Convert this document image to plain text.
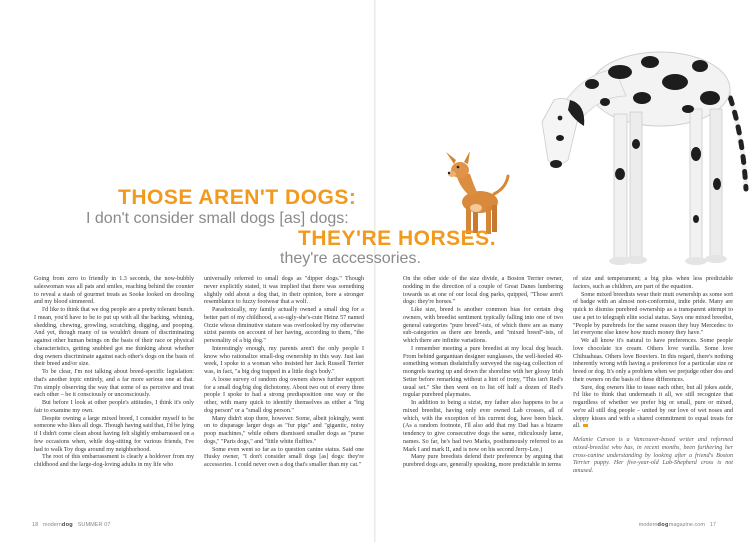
THOSE AREN'T DOGS:
I don't consider small dogs [as] dogs:
THEY'RE HORSES.
they're accessories.

Going from zero to friendly in 1.3 seconds, the now-bubbly saleswoman was all pats and smiles, reaching behind the counter to reveal a stash of gourmet treats as Sooke looked on drooling and my blood simmered.

I'd like to think that we dog people are a pretty tolerant bunch. I mean, you'd have to be to put up with all the barking, whining, shedding, chewing, growling, scratching, digging, and pooping. And yet, though many of us wouldn't dream of discriminating against other human beings on the basis of their race or physical characteristics, getting snubbed got me thinking about whether dog owners discriminate against each other's dogs on the basis of their breed and/or size.

To be clear, I'm not talking about breed-specific legislation: that's another topic entirely, and a far more serious one at that. I'm simply observing the way that some of us perceive and treat each other – be it consciously or unconsciously.

But before I look at other people's attitudes, I think it's only fair to examine my own.

Despite owning a large mixed breed, I consider myself to be someone who likes all dogs. Though having said that, I'd be lying if I didn't come clean about having felt slightly embarrassed on a few occasions when, while dog-sitting for various friends, I've had to walk Toy dogs around my neighborhood.

The root of this embarrassment is clearly a holdover from my childhood and the large-dog-loving adults in my life who

universally referred to small dogs as "dipper dogs." Though never explicitly stated, it was implied that there was something slightly odd about a dog that, in their opinion, bore a stronger resemblance to fuzzy footwear that a wolf.

Paradoxically, my family actually owned a small dog for a better part of my childhood, a so-ugly-she's-cute Heinz 57 named Ozzie whose diminutive stature was overlooked by my otherwise sizist parents on account of her having, according to them, "the personality of a big dog."

Interestingly enough, my parents aren't the only people I know who rationalize small-dog ownership in this way. Just last week, I spoke to a woman who insisted her Jack Russell Terrier was, in fact, "a big dog trapped in a little dog's body."

A loose survey of random dog owners shows further support for a small dog/big dog dichotomy. About two out of every three people I spoke to had a strong predisposition one way or the other, with many quick to identify themselves as either a "big dog person" or a "small dog person."

Many didn't stop there, however. Some, albeit jokingly, went on to disparage larger dogs as "fur pigs" and "gigantic, noisy poop machines," while others dismissed smaller dogs as "purse dogs," "Paris dogs," and "little white fluffies."

Some even went so far as to question canine status. Said one Husky owner, "I don't consider small dogs [as] dogs: they're accessories. I could never own a dog that's smaller than my cat."

On the other side of the size divide, a Boston Terrier owner, nodding in the direction of a couple of Great Danes lumbering towards us at one of our local dog parks, quipped, "Those aren't dogs: they're horses."

Like size, breed is another common bias for certain dog owners, with breedist sentiment typically falling into one of two general categories "pure breed"-ists, of which there are as many sub-categories as there are breeds, and "mixed breed"-ists, of which there are infinite variations.

I remember meeting a pure breedist at my local dog beach. From behind gargantuan designer sunglasses, the well-heeled 40-something woman disdainfully surveyed the rag-tag collection of mongrels tearing up and down the shoreline with her glossy Irish Setter before remarking without a hint of irony, "This isn't Red's usual set." She then went on to list off half a dozen of Red's regular purebred playmates.

In addition to being a sizist, my father also happens to be a mixed breedist, having only ever owned Lab crosses, all of which, with the exception of his current dog, have been black. (As a random footnote, I'll also add that my Dad has a bizarre tendency to give consecutive dogs the same, ridiculously lame, names. So far, he's had two Marks, posthumously referred to as Mark I and mark II, and is now on his second Jerry-Lee.)

Many pure breedists defend their preference by arguing that purebred dogs are, generally speaking, more predictable in terms

of size and temperament; a big plus when less predictable factors, such as children, are part of the equation.

Some mixed breedists wear their mutt ownership as some sort of badge with an almost non-conformist, indie pride. Many are quick to dismiss purebred ownership as a transparent attempt to use a pet to telegraph elite social status. Says one mixed breedist, "People by purebreds for the same reason they buy Mercedes: to let everyone else know how much money they have."

We all know it's natural to have preferences. Some people love chocolate ice cream. Others love vanilla. Some love Chihuahuas. Others love Bouviers. In this regard, there's nothing inherently wrong with having a preference for a particular size or breed or dog. It's only a problem when we prejudge other dos and their owners on the basis of these differences.

Sure, dog owners like to tease each other, but all jokes aside, I'd like to think that underneath it all, we still recognize that regardless of whether we prefer big or small, pure or mixed, we're all still dog people – united by our love of wet noses and sloppy kisses and with a shared commitment to equal treats for all.

Melanie Carson is a Vancouver-based writer and reformed mixed-breedist who has, in recent months, been furthering her cross-canine understanding by looking after a friend's Boston Terrier puppy. Her five-year-old Lab-Shepherd cross is not amused.

18 moderndog SUMMER 07	moderndogmagazine.com 17
